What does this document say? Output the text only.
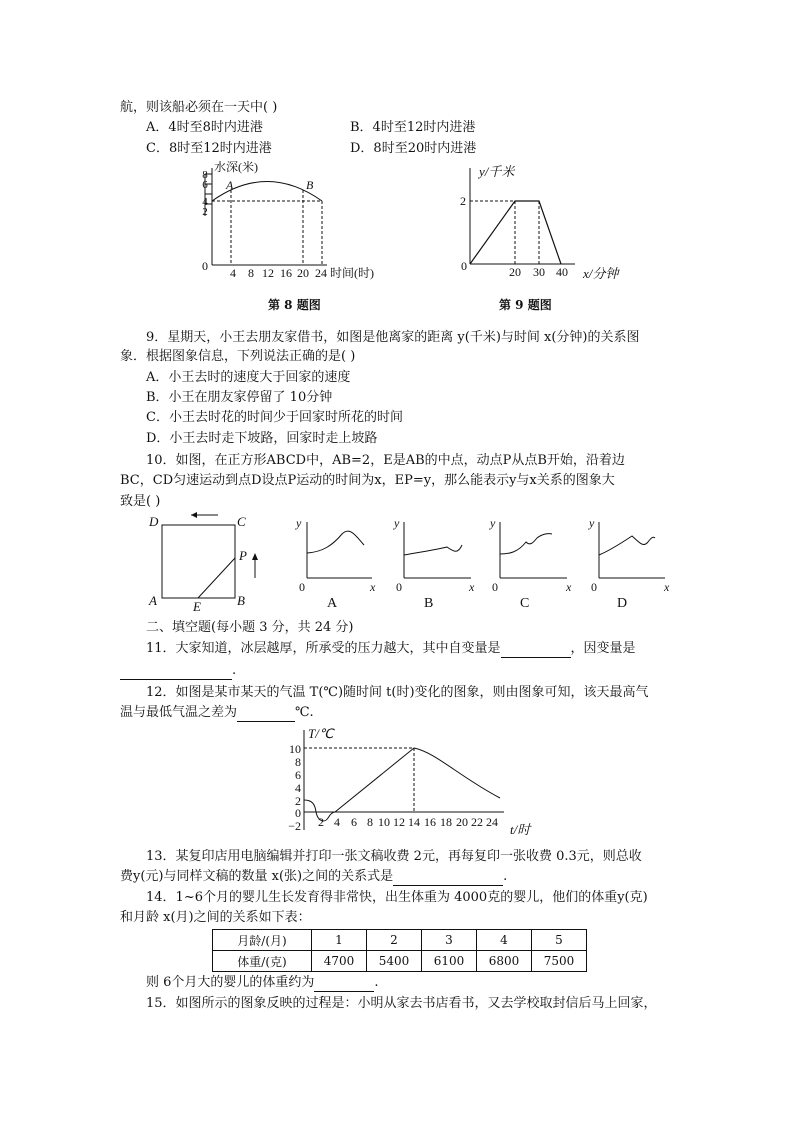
航，则该船必须在一天中( )
A．4时至8时内进港	B．4时至12时内进港
C．8时至12时内进港	D．8时至20时内进港
8
6
4
2
0
水深(米)
A	B
4 8 12 16 20 24 时间(时)
第 8 题图
y/千米
2
0	20 30 40 x/分钟
第 9 题图
9．星期天，小王去朋友家借书，如图是他离家的距离 y(千米)与时间 x(分钟)的关系图
象．根据图象信息，下列说法正确的是( )
A．小王去时的速度大于回家的速度
B．小王在朋友家停留了 10分钟
C．小王去时花的时间少于回家时所花的时间
D．小王去时走下坡路，回家时走上坡路
10．如图，在正方形ABCD中，AB=2，E是AB的中点，动点P从点B开始，沿着边
BC，CD匀速运动到点D设点P运动的时间为x，EP=y，那么能表示y与x关系的图象大
致是( )
D	C
A	B
E
P
y
x
0
A
y
x
0
B
y
x
0
C
y
x
0
D
二、填空题(每小题 3 分，共 24 分)
11．大家知道，冰层越厚，所承受的压力越大，其中自变量是	，因变量是
.
12．如图是某市某天的气温 T(℃)随时间 t(时)变化的图象，则由图象可知，该天最高气
温与最低气温之差为	℃.
T/℃
10
8
6
4
2
0
−2 2 4 6 8 10 12 14 16 18 20 22 24 t/时
13．某复印店用电脑编辑并打印一张文稿收费 2元，再每复印一张收费 0.3元，则总收
费y(元)与同样文稿的数量 x(张)之间的关系式是	.
14．1~6个月的婴儿生长发育得非常快，出生体重为 4000克的婴儿，他们的体重y(克)
和月龄 x(月)之间的关系如下表：
月龄/(月)	1	2	3	4	5
体重/(克)	4700	5400	6100	6800	7500
则 6个月大的婴儿的体重约为	.
15．如图所示的图象反映的过程是：小明从家去书店看书，又去学校取封信后马上回家，
